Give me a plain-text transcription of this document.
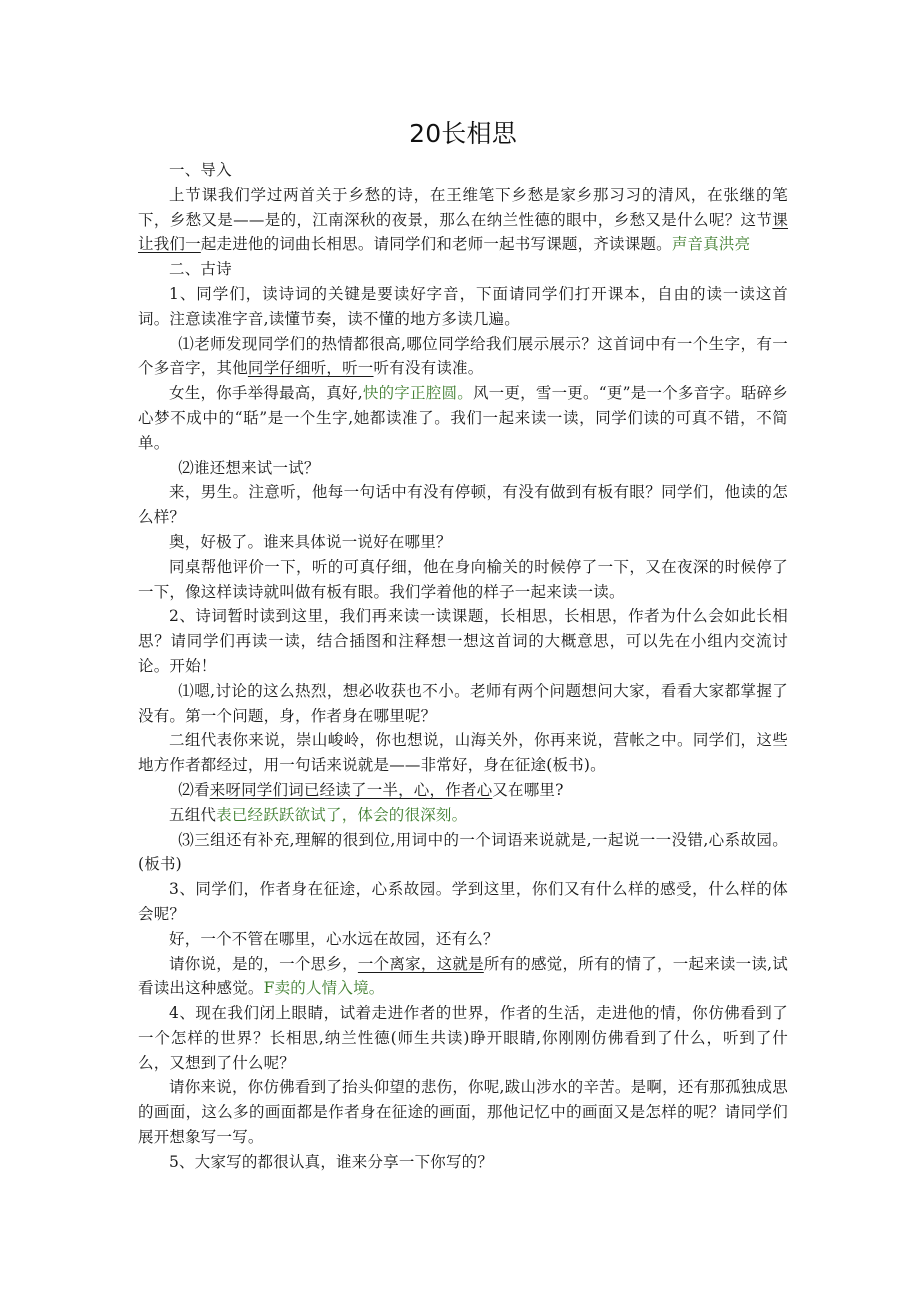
20长相思

一、导入

上节课我们学过两首关于乡愁的诗，在王维笔下乡愁是家乡那习习的清风，在张继的笔下，乡愁又是——是的，江南深秋的夜景，那么在纳兰性德的眼中，乡愁又是什么呢？这节课让我们一起走进他的词曲长相思。请同学们和老师一起书写课题，齐读课题。声音真洪亮

二、古诗

1、同学们，读诗词的关键是要读好字音，下面请同学们打开课本，自由的读一读这首词。注意读准字音,读懂节奏，读不懂的地方多读几遍。

⑴老师发现同学们的热情都很高,哪位同学给我们展示展示？这首词中有一个生字，有一个多音字，其他同学仔细听，听一听有没有读准。

女生，你手举得最高，真好,快的字正腔圆。风一更，雪一更。“更”是一个多音字。聒碎乡心梦不成中的“聒”是一个生字,她都读准了。我们一起来读一读，同学们读的可真不错，不简单。

⑵谁还想来试一试？

来，男生。注意听，他每一句话中有没有停顿，有没有做到有板有眼？同学们，他读的怎么样？

奥，好极了。谁来具体说一说好在哪里？

同桌帮他评价一下，听的可真仔细，他在身向榆关的时候停了一下，又在夜深的时候停了一下，像这样读诗就叫做有板有眼。我们学着他的样子一起来读一读。

2、诗词暂时读到这里，我们再来读一读课题，长相思，长相思，作者为什么会如此长相思？请同学们再读一读，结合插图和注释想一想这首词的大概意思，可以先在小组内交流讨论。开始！

⑴嗯,讨论的这么热烈，想必收获也不小。老师有两个问题想问大家，看看大家都掌握了没有。第一个问题，身，作者身在哪里呢？

二组代表你来说，崇山峻岭，你也想说，山海关外，你再来说，营帐之中。同学们，这些地方作者都经过，用一句话来说就是——非常好，身在征途(板书)。

⑵看来呀同学们词已经读了一半，心，作者心又在哪里?

五组代表已经跃跃欲试了，体会的很深刻。

⑶三组还有补充,理解的很到位,用词中的一个词语来说就是,一起说一一没错,心系故园。(板书)

3、同学们，作者身在征途，心系故园。学到这里，你们又有什么样的感受，什么样的体会呢？

好，一个不管在哪里，心水远在故园，还有么？

请你说，是的，一个思乡，一个离家，这就是所有的感觉，所有的情了，一起来读一读,试看读出这种感觉。F卖的人情入境。

4、现在我们闭上眼睛，试着走进作者的世界，作者的生活，走进他的情，你仿佛看到了一个怎样的世界？长相思,纳兰性德(师生共读)睁开眼睛,你刚刚仿佛看到了什么，听到了什么，又想到了什么呢？

请你来说，你仿佛看到了抬头仰望的悲伤，你呢,跋山涉水的辛苦。是啊，还有那孤独成思的画面，这么多的画面都是作者身在征途的画面，那他记忆中的画面又是怎样的呢？请同学们展开想象写一写。

5、大家写的都很认真，谁来分享一下你写的？
